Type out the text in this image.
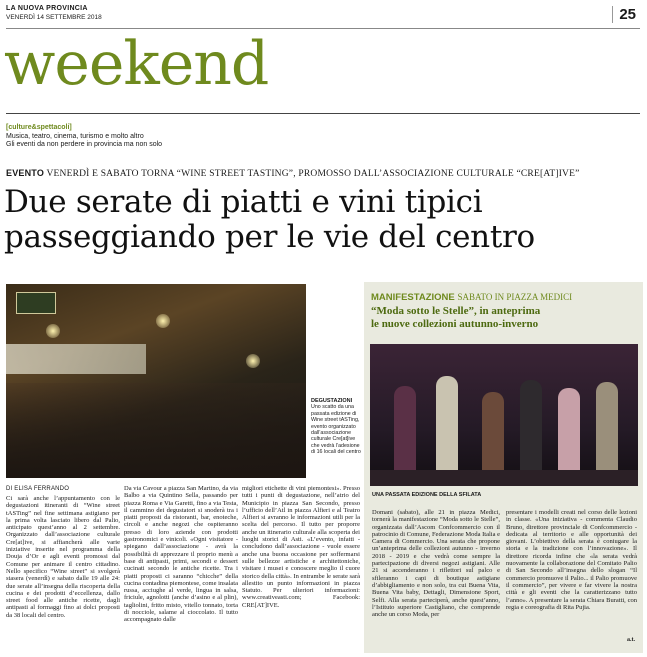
LA NUOVA PROVINCIA
VENERDÌ 14 SETTEMBRE 2018	25
weekend
[culture&spettacoli]
Musica, teatro, cinema, turismo e molto altro
Gli eventi da non perdere in provincia ma non solo
EVENTO VENERDÌ E SABATO TORNA “WINE STREET TASTING”, PROMOSSO DALL’ASSOCIAZIONE CULTURALE “CRE[AT]IVE”
Due serate di piatti e vini tipici
passeggiando per le vie del centro
DEGUSTAZIONI
Uno scatto da una passata edizione di Wine street tASTing, evento organizzato dall’associazione culturale Cre[at]ive che vedrà l’adesione di 16 locali del centro
DI ELISA FERRANDO
Ci sarà anche l’appuntamento con le degustazioni itineranti di “Wine street tASTing” nel fine settimana astigiano per la prima volta lasciato libero dal Palio, anticipato quest’anno al 2 settembre. Organizzato dall’associazione culturale Cre[at]ive, si affiancherà alle varie iniziative inserite nel programma della Douja d’Or e agli eventi promossi dal Comune per animare il centro cittadino. Nello specifico “Wine street” si svolgerà stasera (venerdì) e sabato dalle 19 alle 24: due serate all’insegna della riscoperta della cucina e dei prodotti d’eccellenza, dallo street food alle antiche ricette, dagli antipasti al formaggi fino ai dolci proposti da 38 locali del centro.
Da via Cavour a piazza San Martino, da via Balbo a via Quintino Sella, passando per piazza Roma e Via Garetti, fino a via Testa, il cammino dei degustatori si snoderà tra i piatti proposti da ristoranti, bar, enoteche, circoli e anche negozi che ospiteranno presso di loro aziende con prodotti gastronomici e vinicoli. «Ogni visitatore - spiegano dall’associazione - avrà la possibilità di apprezzare il proprio menù a base di antipasti, primi, secondi e dessert cucinati secondo le antiche ricette. Tra i piatti proposti ci saranno “chicche” della cucina contadina piemontese, come insalata russa, acciughe al verde, lingua in salsa, friciule, agnolotti (anche d’asino e al plin), tagliolini, fritto misto, vitello tonnato, torta di nocciole, salame al cioccolato. Il tutto accompagnato dalle
migliori etichette di vini piemontesi». Presso tutti i punti di degustazione, nell’atrio del Municipio in piazza San Secondo, presso l’ufficio dell’Atl in piazza Alfieri e al Teatro Alfieri si avranno le informazioni utili per la scelta del percorso. Il tutto per proporre anche un itinerario culturale alla scoperta dei luoghi storici di Asti. «L’evento, infatti - concludono dall’associazione - vuole essere anche una buona occasione per soffermarsi sulle bellezze artistiche e architettoniche, visitare i musei e conoscere meglio il cuore storico della città». In entrambe le serate sarà allestito un punto informazioni in piazza Statuto. Per ulteriori informazioni: www.creativeasti.com; Facebook: CRE[AT]IVE.
MANIFESTAZIONE SABATO IN PIAZZA MEDICI
“Moda sotto le Stelle”, in anteprima
le nuove collezioni autunno-inverno
UNA PASSATA EDIZIONE DELLA SFILATA
Domani (sabato), alle 21 in piazza Medici, tornerà la manifestazione “Moda sotto le Stelle”, organizzata dall’Ascom Confcommercio con il patrocinio di Comune, Federazione Moda Italia e Camera di Commercio. Una serata che propone un’anteprima delle collezioni autunno - inverno 2018 - 2019 e che vedrà come sempre la partecipazione di diversi negozi astigiani. Alle 21 si accenderanno i riflettori sul palco e sfileranno i capi di boutique astigiane d’abbigliamento e non solo, tra cui Buena Vita, Buena Vita baby, Dettagli, Dimensione Sport, Selfi. Alla serata parteciperà, anche quest’anno, l’Istituto superiore Castigliano, che comprende anche un corso Moda, per
presentare i modelli creati nel corso delle lezioni in classe. «Una iniziativa - commenta Claudio Bruno, direttore provinciale di Confcommercio - dedicata al territorio e alle opportunità dei giovani. L’obiettivo della serata è coniugare la storia e la tradizione con l’innovazione». Il direttore ricorda infine che «la serata vedrà nuovamente la collaborazione del Comitato Palio di San Secondo all’insegna dello slogan “Il commercio promuove il Palio... il Palio promuove il commercio”, per vivere e far vivere la nostra città e gli eventi che la caratterizzano tutto l’anno». A presentare la serata Chiara Buratti, con regia e coreografia di Rita Pujia.
a.t.
